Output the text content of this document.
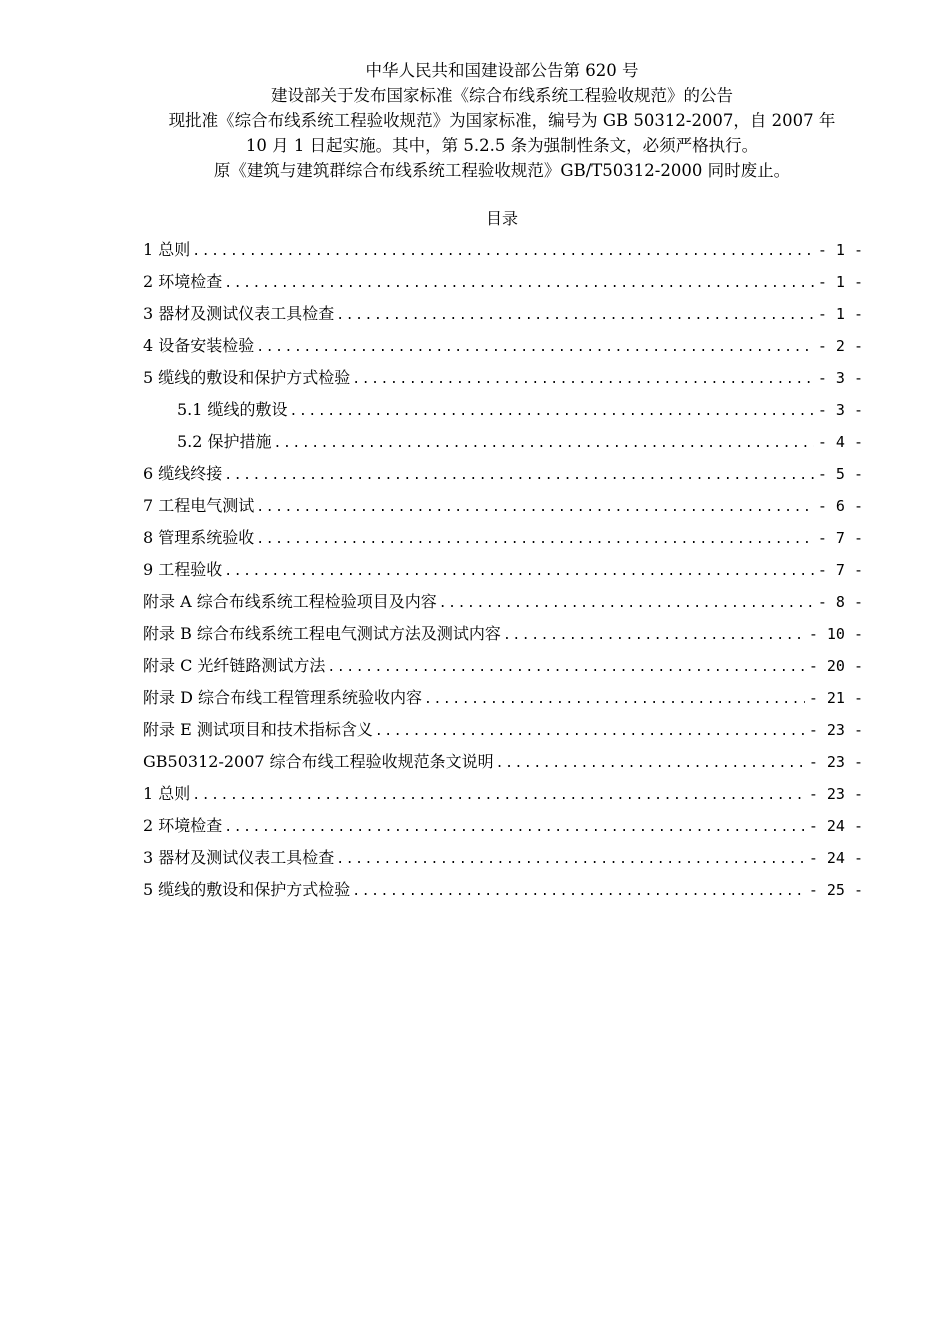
中华人民共和国建设部公告第 620 号
建设部关于发布国家标准《综合布线系统工程验收规范》的公告
现批准《综合布线系统工程验收规范》为国家标准，编号为 GB 50312-2007，自 2007 年
10 月 1 日起实施。其中，第 5.2.5 条为强制性条文，必须严格执行。
原《建筑与建筑群综合布线系统工程验收规范》GB/T50312-2000 同时废止。
目录
1 总则 .....	- 1 -
2 环境检查 .....	- 1 -
3 器材及测试仪表工具检查 .....	- 1 -
4 设备安装检验 .....	- 2 -
5 缆线的敷设和保护方式检验 .....	- 3 -
5.1 缆线的敷设 .....	- 3 -
5.2 保护措施 .....	- 4 -
6 缆线终接 .....	- 5 -
7 工程电气测试 .....	- 6 -
8 管理系统验收 .....	- 7 -
9 工程验收 .....	- 7 -
附录 A 综合布线系统工程检验项目及内容 .....	- 8 -
附录 B 综合布线系统工程电气测试方法及测试内容 .....	- 10 -
附录 C 光纤链路测试方法 .....	- 20 -
附录 D 综合布线工程管理系统验收内容 .....	- 21 -
附录 E 测试项目和技术指标含义 .....	- 23 -
GB50312-2007 综合布线工程验收规范条文说明 .....	- 23 -
1 总则 .....	- 23 -
2 环境检查 .....	- 24 -
3 器材及测试仪表工具检查 .....	- 24 -
5 缆线的敷设和保护方式检验 .....	- 25 -
